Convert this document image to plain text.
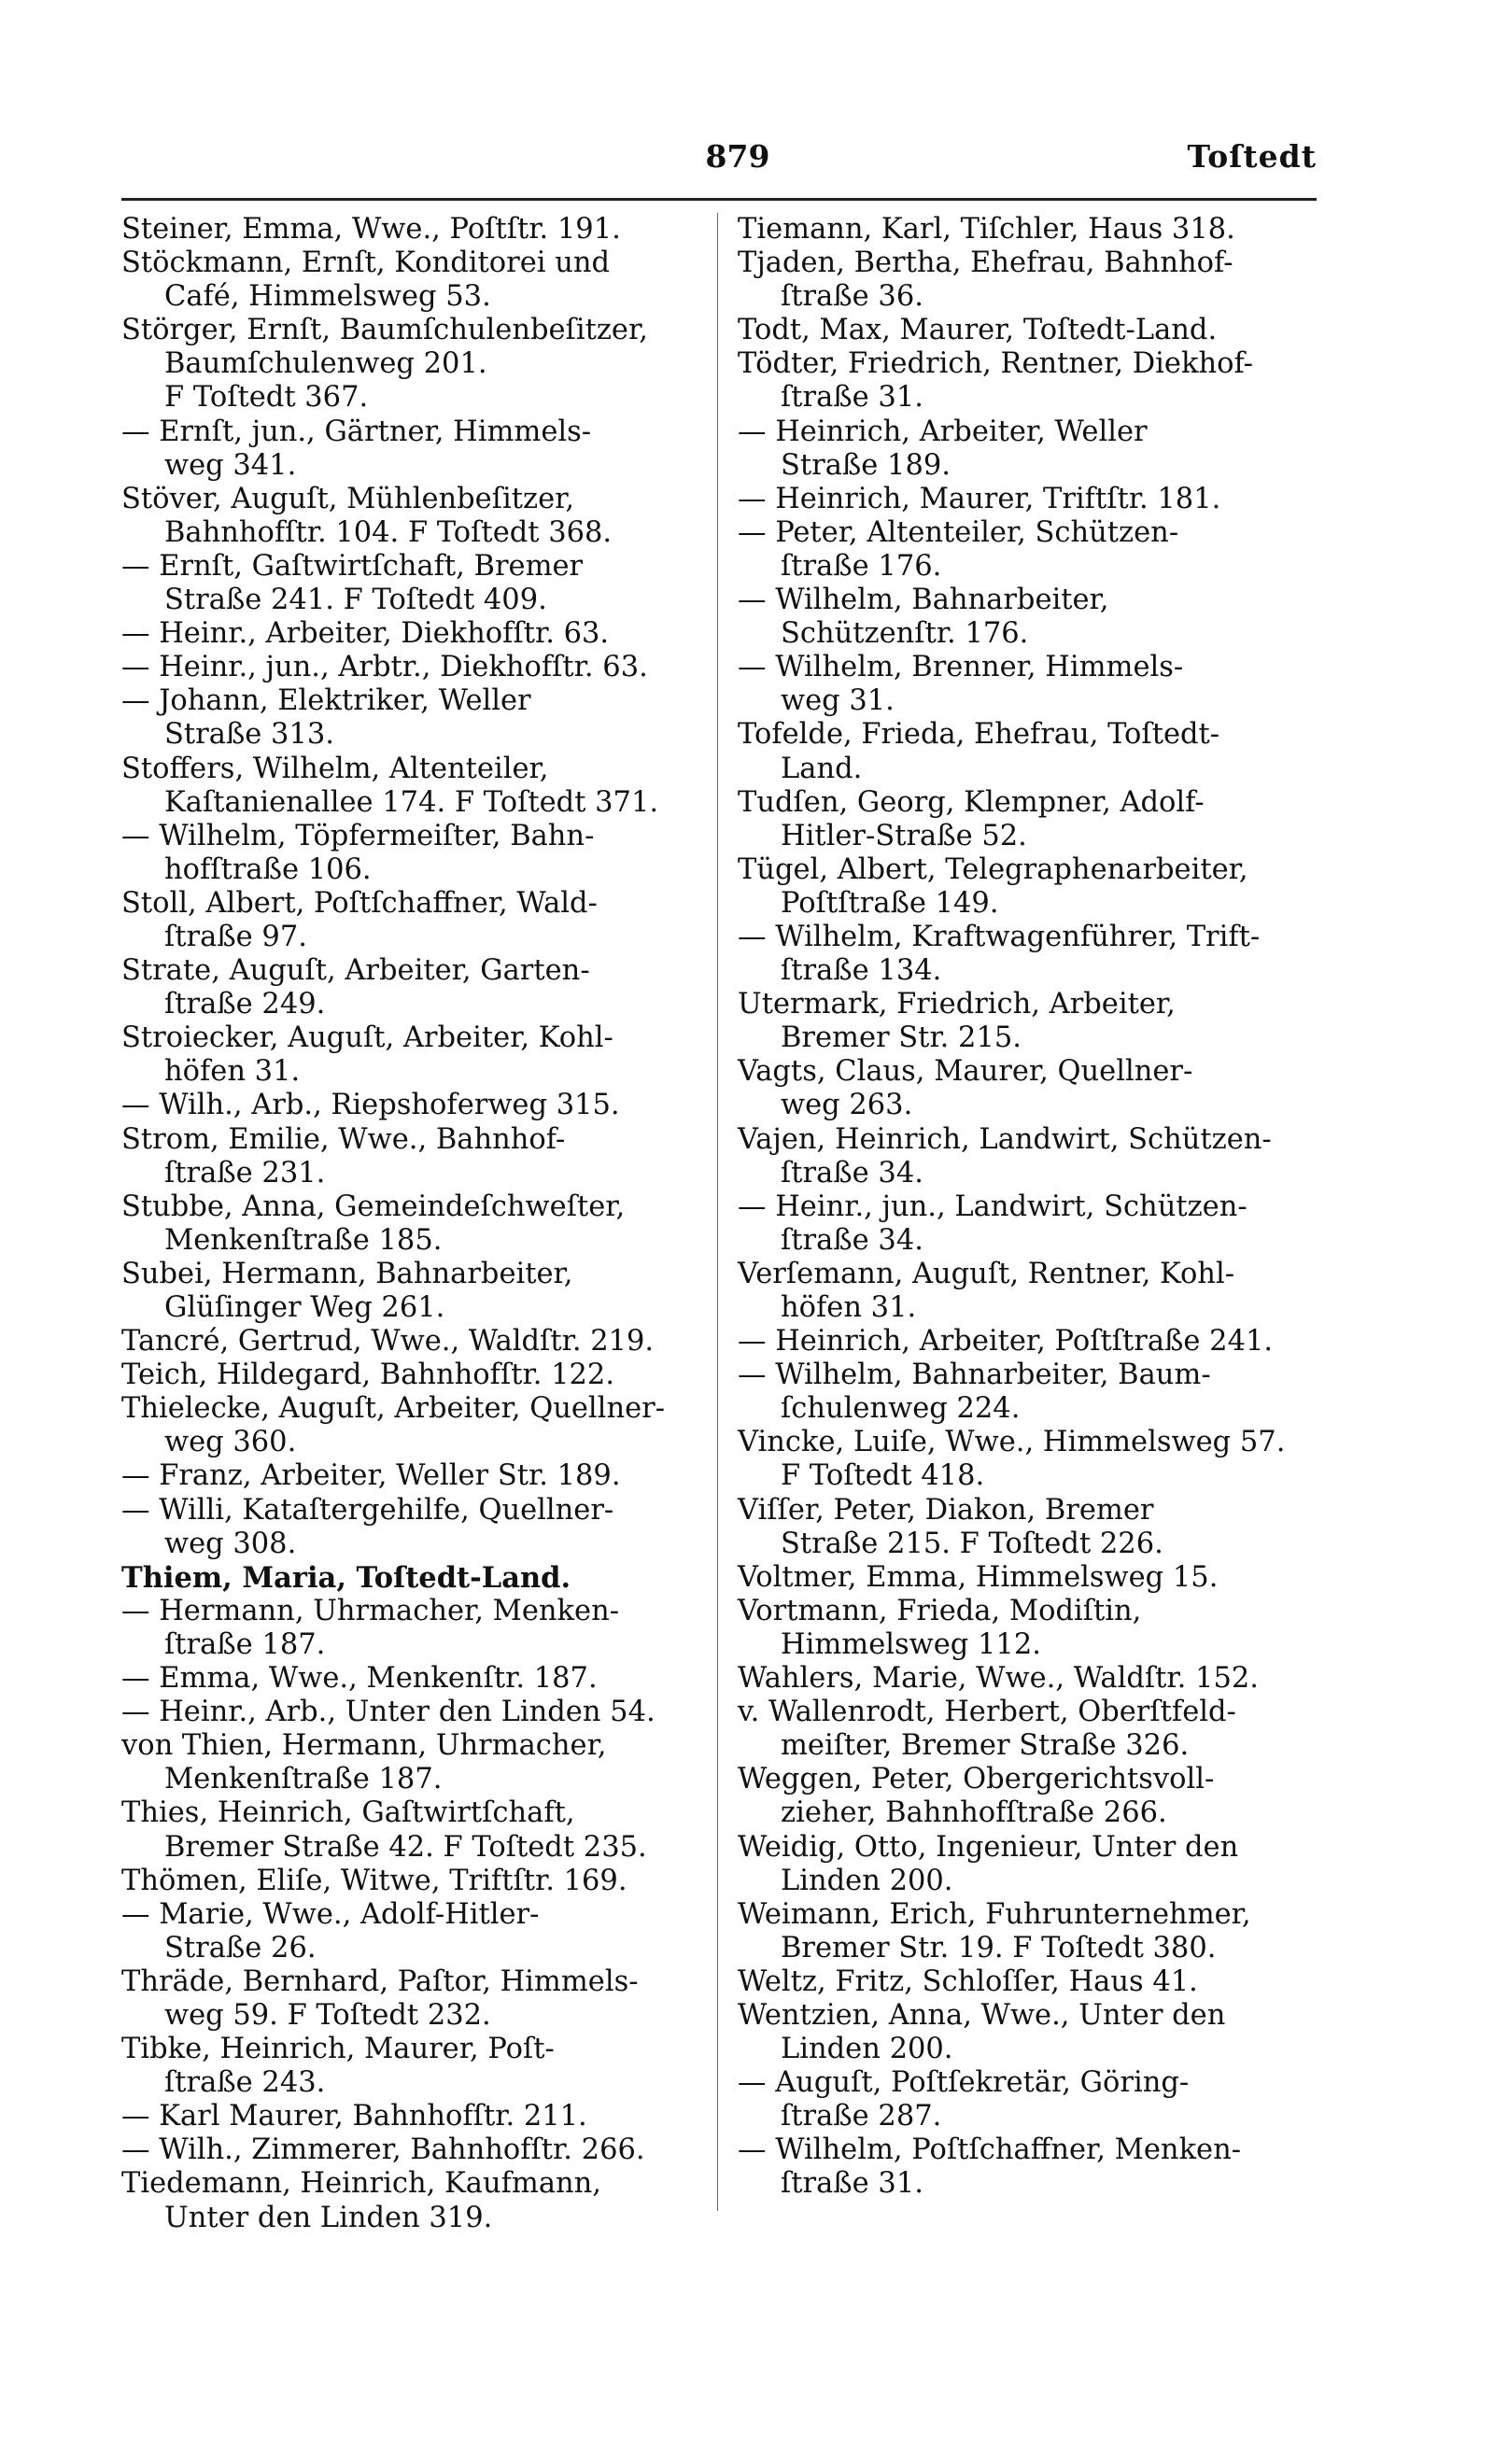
879	Toſtedt
Steiner, Emma, Wwe., Poſtſtr. 191.
Stöckmann, Ernſt, Konditorei und
Café, Himmelsweg 53.
Störger, Ernſt, Baumſchulenbeſitzer,
Baumſchulenweg 201.
F Toſtedt 367.
— Ernſt, jun., Gärtner, Himmels-
weg 341.
Stöver, Auguſt, Mühlenbeſitzer,
Bahnhofſtr. 104. F Toſtedt 368.
— Ernſt, Gaſtwirtſchaft, Bremer
Straße 241. F Toſtedt 409.
— Heinr., Arbeiter, Diekhofſtr. 63.
— Heinr., jun., Arbtr., Diekhofſtr. 63.
— Johann, Elektriker, Weller
Straße 313.
Stoffers, Wilhelm, Altenteiler,
Kaſtanienallee 174. F Toſtedt 371.
— Wilhelm, Töpfermeiſter, Bahn-
hofſtraße 106.
Stoll, Albert, Poſtſchaffner, Wald-
ſtraße 97.
Strate, Auguſt, Arbeiter, Garten-
ſtraße 249.
Stroiecker, Auguſt, Arbeiter, Kohl-
höfen 31.
— Wilh., Arb., Riepshoferweg 315.
Strom, Emilie, Wwe., Bahnhof-
ſtraße 231.
Stubbe, Anna, Gemeindeſchweſter,
Menkenſtraße 185.
Subei, Hermann, Bahnarbeiter,
Glüſinger Weg 261.
Tancré, Gertrud, Wwe., Waldſtr. 219.
Teich, Hildegard, Bahnhofſtr. 122.
Thielecke, Auguſt, Arbeiter, Quellner-
weg 360.
— Franz, Arbeiter, Weller Str. 189.
— Willi, Kataſtergehilfe, Quellner-
weg 308.
Thiem, Maria, Toſtedt-Land.
— Hermann, Uhrmacher, Menken-
ſtraße 187.
— Emma, Wwe., Menkenſtr. 187.
— Heinr., Arb., Unter den Linden 54.
von Thien, Hermann, Uhrmacher,
Menkenſtraße 187.
Thies, Heinrich, Gaſtwirtſchaft,
Bremer Straße 42. F Toſtedt 235.
Thömen, Eliſe, Witwe, Triftſtr. 169.
— Marie, Wwe., Adolf-Hitler-
Straße 26.
Thräde, Bernhard, Paſtor, Himmels-
weg 59. F Toſtedt 232.
Tibke, Heinrich, Maurer, Poſt-
ſtraße 243.
— Karl Maurer, Bahnhofſtr. 211.
— Wilh., Zimmerer, Bahnhofſtr. 266.
Tiedemann, Heinrich, Kaufmann,
Unter den Linden 319.
Tiemann, Karl, Tiſchler, Haus 318.
Tjaden, Bertha, Ehefrau, Bahnhof-
ſtraße 36.
Todt, Max, Maurer, Toſtedt-Land.
Tödter, Friedrich, Rentner, Diekhof-
ſtraße 31.
— Heinrich, Arbeiter, Weller
Straße 189.
— Heinrich, Maurer, Triftſtr. 181.
— Peter, Altenteiler, Schützen-
ſtraße 176.
— Wilhelm, Bahnarbeiter,
Schützenſtr. 176.
— Wilhelm, Brenner, Himmels-
weg 31.
Tofelde, Frieda, Ehefrau, Toſtedt-
Land.
Tudſen, Georg, Klempner, Adolf-
Hitler-Straße 52.
Tügel, Albert, Telegraphenarbeiter,
Poſtſtraße 149.
— Wilhelm, Kraftwagenführer, Trift-
ſtraße 134.
Utermark, Friedrich, Arbeiter,
Bremer Str. 215.
Vagts, Claus, Maurer, Quellner-
weg 263.
Vajen, Heinrich, Landwirt, Schützen-
ſtraße 34.
— Heinr., jun., Landwirt, Schützen-
ſtraße 34.
Verſemann, Auguſt, Rentner, Kohl-
höfen 31.
— Heinrich, Arbeiter, Poſtſtraße 241.
— Wilhelm, Bahnarbeiter, Baum-
ſchulenweg 224.
Vincke, Luiſe, Wwe., Himmelsweg 57.
F Toſtedt 418.
Viſſer, Peter, Diakon, Bremer
Straße 215. F Toſtedt 226.
Voltmer, Emma, Himmelsweg 15.
Vortmann, Frieda, Modiſtin,
Himmelsweg 112.
Wahlers, Marie, Wwe., Waldſtr. 152.
v. Wallenrodt, Herbert, Oberſtfeld-
meiſter, Bremer Straße 326.
Weggen, Peter, Obergerichtsvoll-
zieher, Bahnhofſtraße 266.
Weidig, Otto, Ingenieur, Unter den
Linden 200.
Weimann, Erich, Fuhrunternehmer,
Bremer Str. 19. F Toſtedt 380.
Weltz, Fritz, Schloſſer, Haus 41.
Wentzien, Anna, Wwe., Unter den
Linden 200.
— Auguſt, Poſtſekretär, Göring-
ſtraße 287.
— Wilhelm, Poſtſchaffner, Menken-
ſtraße 31.
